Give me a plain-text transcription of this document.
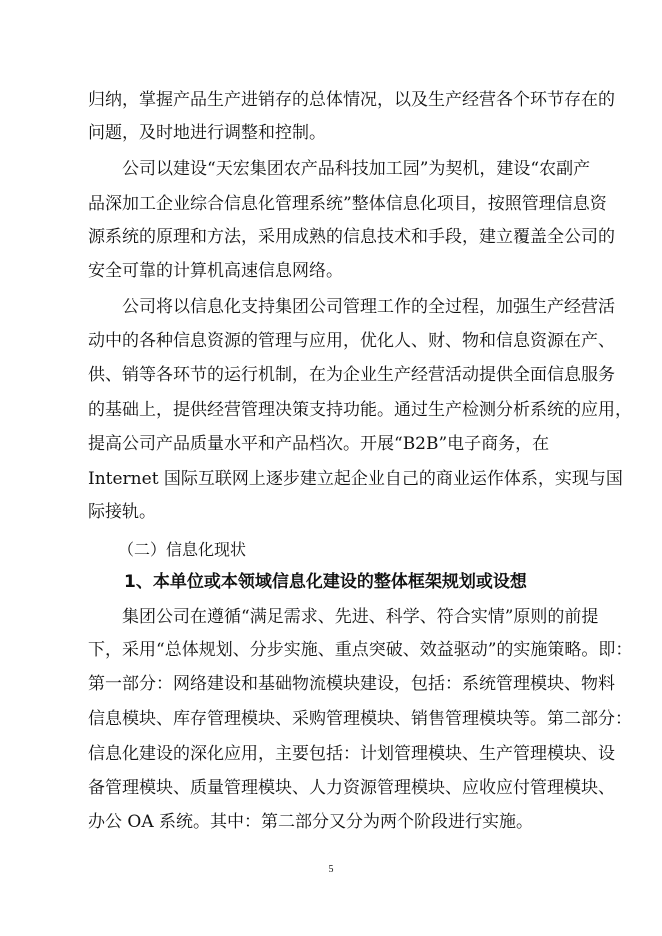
归纳，掌握产品生产进销存的总体情况，以及生产经营各个环节存在的
问题，及时地进行调整和控制。
公司以建设“天宏集团农产品科技加工园”为契机，建设“农副产
品深加工企业综合信息化管理系统”整体信息化项目，按照管理信息资
源系统的原理和方法，采用成熟的信息技术和手段，建立覆盖全公司的
安全可靠的计算机高速信息网络。
公司将以信息化支持集团公司管理工作的全过程，加强生产经营活
动中的各种信息资源的管理与应用，优化人、财、物和信息资源在产、
供、销等各环节的运行机制，在为企业生产经营活动提供全面信息服务
的基础上，提供经营管理决策支持功能。通过生产检测分析系统的应用，
提高公司产品质量水平和产品档次。开展“B2B”电子商务，在
Internet 国际互联网上逐步建立起企业自己的商业运作体系，实现与国
际接轨。
（二）信息化现状
1、本单位或本领域信息化建设的整体框架规划或设想
集团公司在遵循“满足需求、先进、科学、符合实情”原则的前提
下，采用“总体规划、分步实施、重点突破、效益驱动”的实施策略。即：
第一部分：网络建设和基础物流模块建设，包括：系统管理模块、物料
信息模块、库存管理模块、采购管理模块、销售管理模块等。第二部分：
信息化建设的深化应用，主要包括：计划管理模块、生产管理模块、设
备管理模块、质量管理模块、人力资源管理模块、应收应付管理模块、
办公 OA 系统。其中：第二部分又分为两个阶段进行实施。
5
